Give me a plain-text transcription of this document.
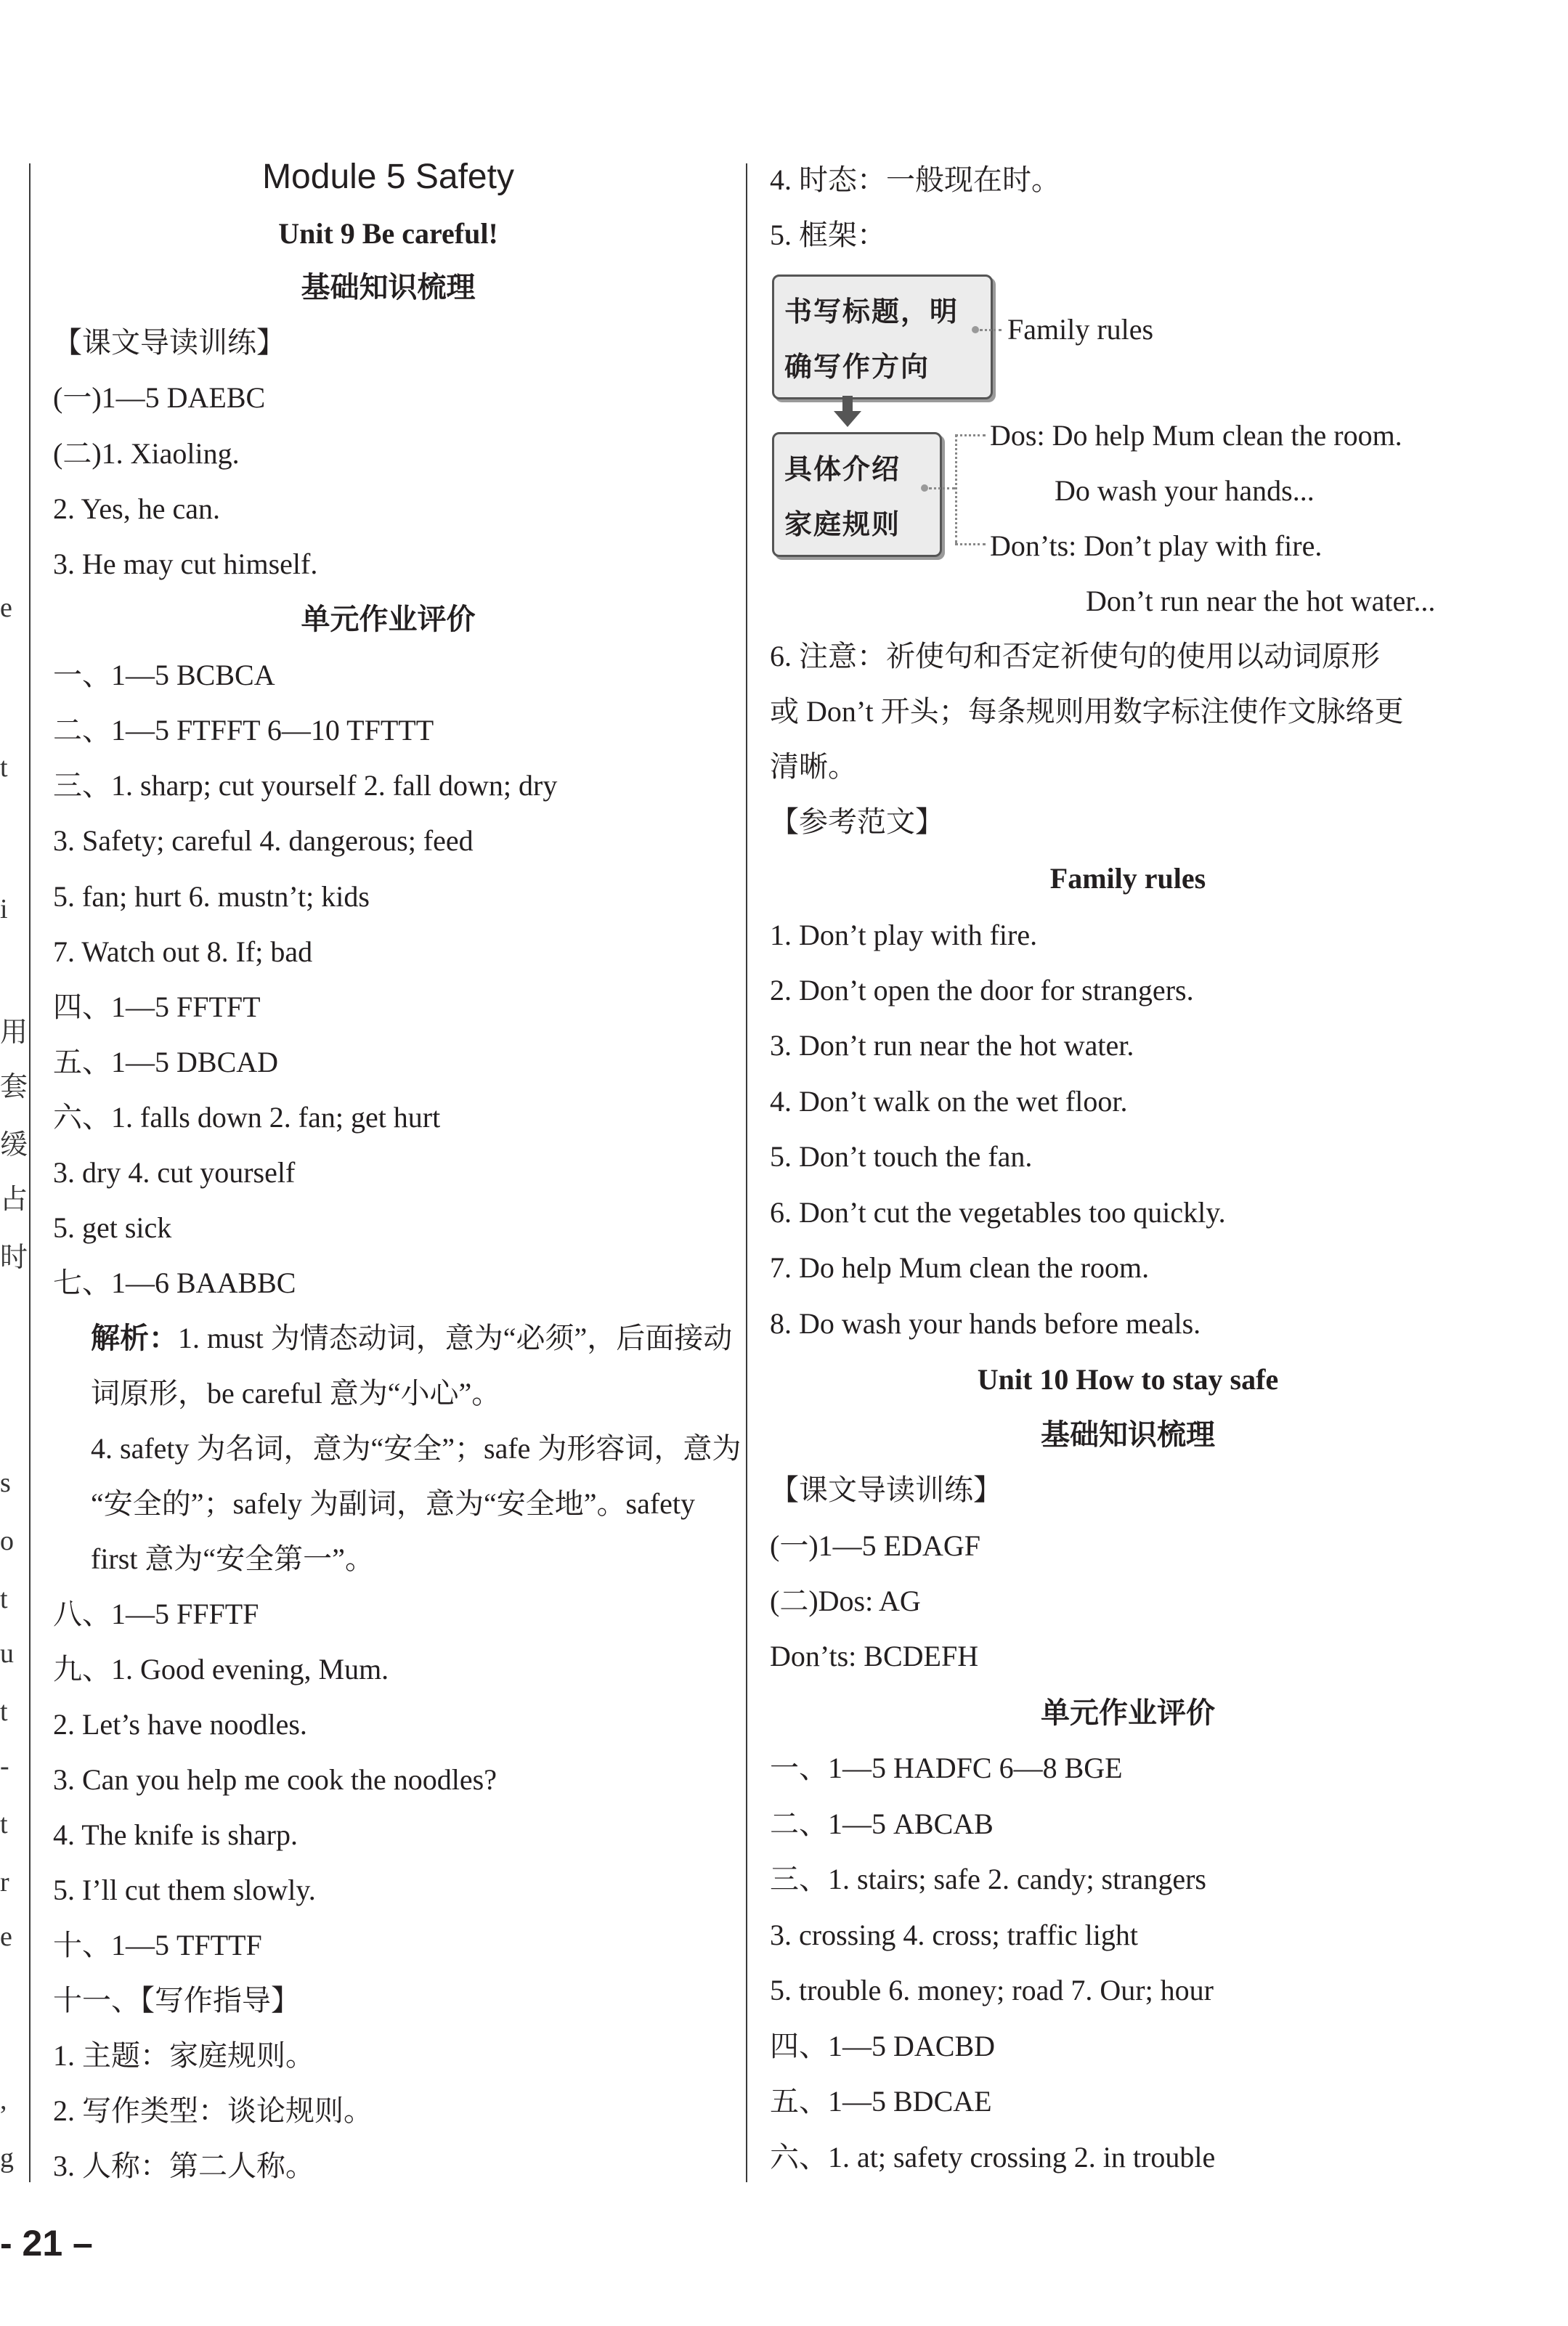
e
t
i
用
套
缓
占
时
s
o
t
u
t
-
t
r
e
,
g
Module 5 Safety
Unit 9 Be careful!
基础知识梳理
【课文导读训练】
(一)1—5 DAEBC
(二)1. Xiaoling.
2. Yes, he can.
3. He may cut himself.
单元作业评价
一、1—5 BCBCA
二、1—5 FTFFT 6—10 TFTTT
三、1. sharp; cut yourself 2. fall down; dry
3. Safety; careful 4. dangerous; feed
5. fan; hurt 6. mustn’t; kids
7. Watch out 8. If; bad
四、1—5 FFTFT
五、1—5 DBCAD
六、1. falls down 2. fan; get hurt
3. dry 4. cut yourself
5. get sick
七、1—6 BAABBC
解析：1. must 为情态动词，意为“必须”，后面接动
词原形，be careful 意为“小心”。
4. safety 为名词，意为“安全”；safe 为形容词，意为
“安全的”；safely 为副词，意为“安全地”。safety
first 意为“安全第一”。
八、1—5 FFFTF
九、1. Good evening, Mum.
2. Let’s have noodles.
3. Can you help me cook the noodles?
4. The knife is sharp.
5. I’ll cut them slowly.
十、1—5 TFTTF
十一、【写作指导】
1. 主题：家庭规则。
2. 写作类型：谈论规则。
3. 人称：第二人称。
4. 时态：一般现在时。
5. 框架：
书写标题，明
确写作方向
Family rules
具体介绍
家庭规则
Dos: Do help Mum clean the room.
Do wash your hands...
Don’ts: Don’t play with fire.
Don’t run near the hot water...
6. 注意：祈使句和否定祈使句的使用以动词原形
或 Don’t 开头；每条规则用数字标注使作文脉络更
清晰。
【参考范文】
Family rules
1. Don’t play with fire.
2. Don’t open the door for strangers.
3. Don’t run near the hot water.
4. Don’t walk on the wet floor.
5. Don’t touch the fan.
6. Don’t cut the vegetables too quickly.
7. Do help Mum clean the room.
8. Do wash your hands before meals.
Unit 10 How to stay safe
基础知识梳理
【课文导读训练】
(一)1—5 EDAGF
(二)Dos: AG
Don’ts: BCDEFH
单元作业评价
一、1—5 HADFC 6—8 BGE
二、1—5 ABCAB
三、1. stairs; safe 2. candy; strangers
3. crossing 4. cross; traffic light
5. trouble 6. money; road 7. Our; hour
四、1—5 DACBD
五、1—5 BDCAE
六、1. at; safety crossing 2. in trouble
- 21 –
